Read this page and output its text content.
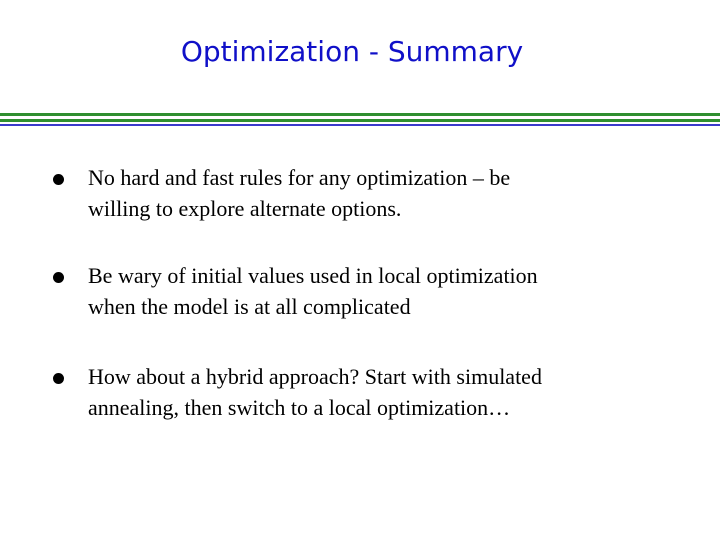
Optimization - Summary
No hard and fast rules for any optimization – be
willing to explore alternate options.
Be wary of initial values used in local optimization
when the model is at all complicated
How about a hybrid approach? Start with simulated
annealing, then switch to a local optimization…
